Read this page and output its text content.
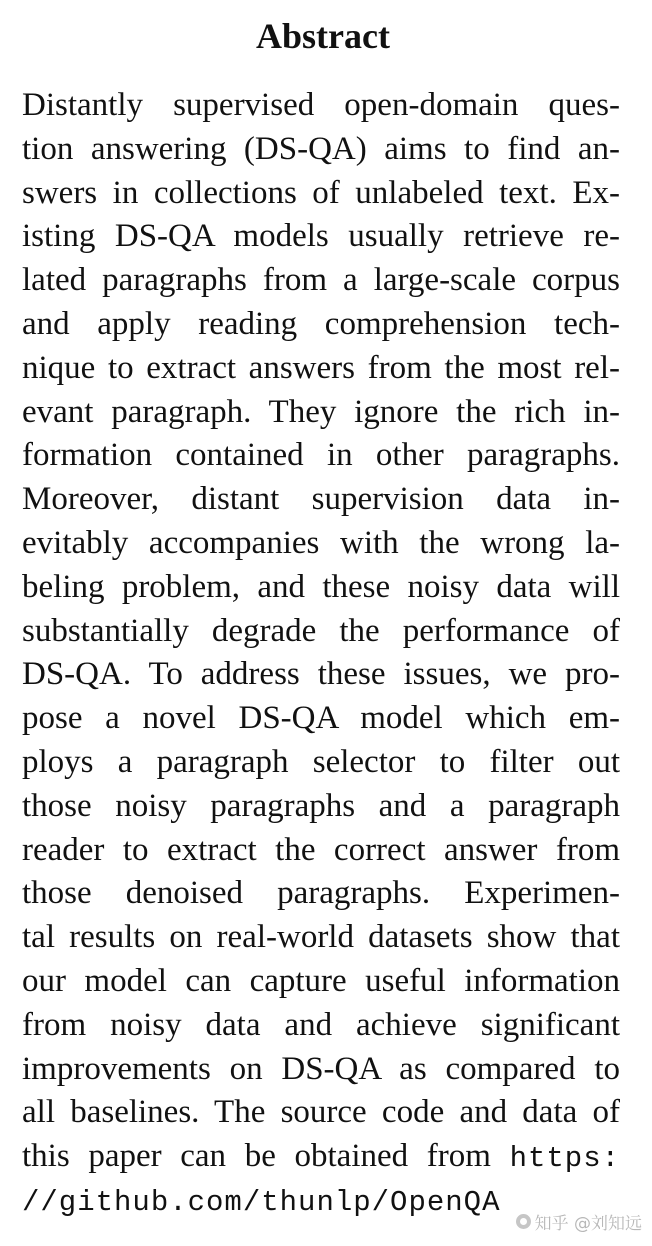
Abstract
Distantly supervised open-domain ques-
tion answering (DS-QA) aims to find an-
swers in collections of unlabeled text. Ex-
isting DS-QA models usually retrieve re-
lated paragraphs from a large-scale corpus
and apply reading comprehension tech-
nique to extract answers from the most rel-
evant paragraph. They ignore the rich in-
formation contained in other paragraphs.
Moreover, distant supervision data in-
evitably accompanies with the wrong la-
beling problem, and these noisy data will
substantially degrade the performance of
DS-QA. To address these issues, we pro-
pose a novel DS-QA model which em-
ploys a paragraph selector to filter out
those noisy paragraphs and a paragraph
reader to extract the correct answer from
those denoised paragraphs. Experimen-
tal results on real-world datasets show that
our model can capture useful information
from noisy data and achieve significant
improvements on DS-QA as compared to
all baselines. The source code and data of
this paper can be obtained from https:
//github.com/thunlp/OpenQA
知乎 @刘知远
